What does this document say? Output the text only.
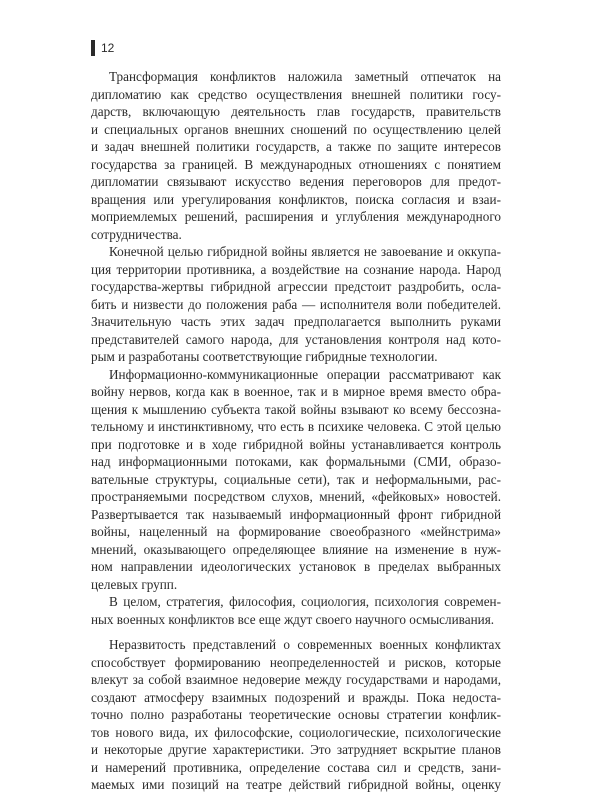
12
Трансформация конфликтов наложила заметный отпечаток на
дипломатию как средство осуществления внешней политики госу-
дарств, включающую деятельность глав государств, правительств
и специальных органов внешних сношений по осуществлению целей
и задач внешней политики государств, а также по защите интересов
государства за границей. В международных отношениях с понятием
дипломатии связывают искусство ведения переговоров для предот-
вращения или урегулирования конфликтов, поиска согласия и взаи-
моприемлемых решений, расширения и углубления международного
сотрудничества.
Конечной целью гибридной войны является не завоевание и оккупа-
ция территории противника, а воздействие на сознание народа. Народ
государства-жертвы гибридной агрессии предстоит раздробить, осла-
бить и низвести до положения раба — исполнителя воли победителей.
Значительную часть этих задач предполагается выполнить руками
представителей самого народа, для установления контроля над кото-
рым и разработаны соответствующие гибридные технологии.
Информационно-коммуникационные операции рассматривают как
войну нервов, когда как в военное, так и в мирное время вместо обра-
щения к мышлению субъекта такой войны взывают ко всему бессозна-
тельному и инстинктивному, что есть в психике человека. С этой целью
при подготовке и в ходе гибридной войны устанавливается контроль
над информационными потоками, как формальными (СМИ, образо-
вательные структуры, социальные сети), так и неформальными, рас-
пространяемыми посредством слухов, мнений, «фейковых» новостей.
Развертывается так называемый информационный фронт гибридной
войны, нацеленный на формирование своеобразного «мейнстрима»
мнений, оказывающего определяющее влияние на изменение в нуж-
ном направлении идеологических установок в пределах выбранных
целевых групп.
В целом, стратегия, философия, социология, психология современ-
ных военных конфликтов все еще ждут своего научного осмысливания.
Неразвитость представлений о современных военных конфликтах
способствует формированию неопределенностей и рисков, которые
влекут за собой взаимное недоверие между государствами и народами,
создают атмосферу взаимных подозрений и вражды. Пока недоста-
точно полно разработаны теоретические основы стратегии конфлик-
тов нового вида, их философские, социологические, психологические
и некоторые другие характеристики. Это затрудняет вскрытие планов
и намерений противника, определение состава сил и средств, зани-
маемых ими позиций на театре действий гибридной войны, оценку
